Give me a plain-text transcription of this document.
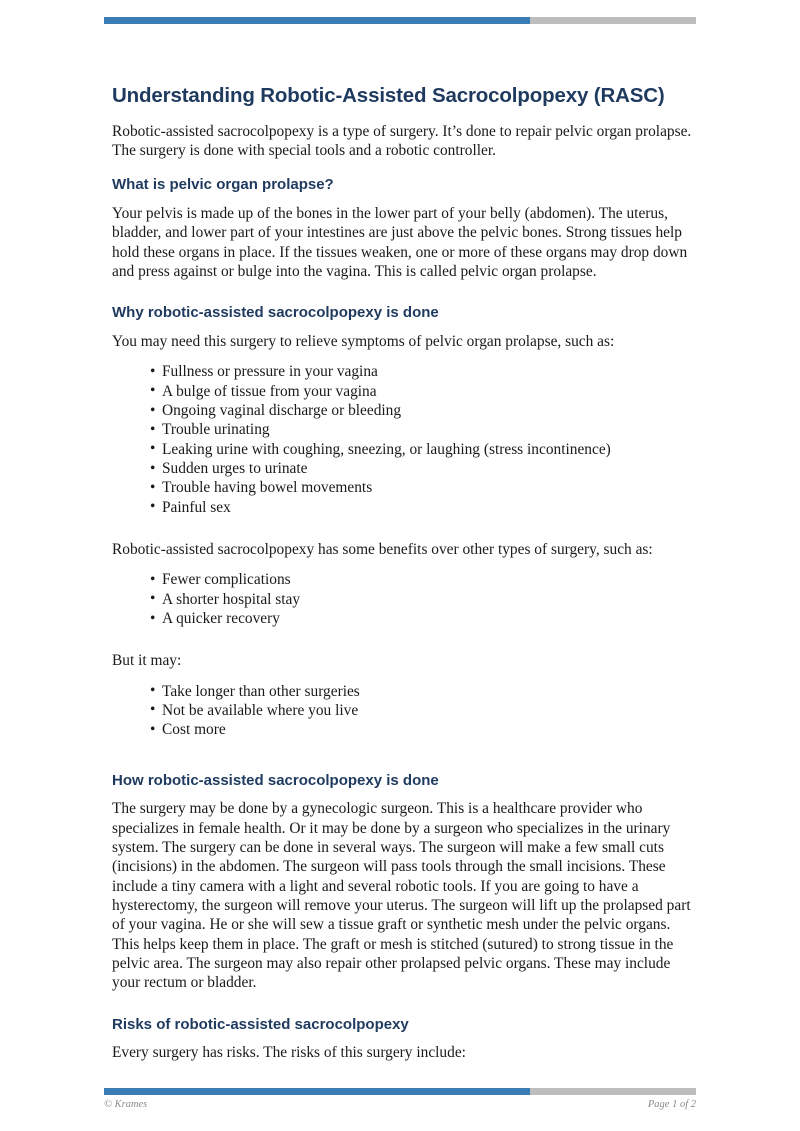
Understanding Robotic-Assisted Sacrocolpopexy (RASC)

Robotic-assisted sacrocolpopexy is a type of surgery. It’s done to repair pelvic organ prolapse. The surgery is done with special tools and a robotic controller.

What is pelvic organ prolapse?

Your pelvis is made up of the bones in the lower part of your belly (abdomen). The uterus, bladder, and lower part of your intestines are just above the pelvic bones. Strong tissues help hold these organs in place. If the tissues weaken, one or more of these organs may drop down and press against or bulge into the vagina. This is called pelvic organ prolapse.

Why robotic-assisted sacrocolpopexy is done

You may need this surgery to relieve symptoms of pelvic organ prolapse, such as:

• Fullness or pressure in your vagina
• A bulge of tissue from your vagina
• Ongoing vaginal discharge or bleeding
• Trouble urinating
• Leaking urine with coughing, sneezing, or laughing (stress incontinence)
• Sudden urges to urinate
• Trouble having bowel movements
• Painful sex

Robotic-assisted sacrocolpopexy has some benefits over other types of surgery, such as:

• Fewer complications
• A shorter hospital stay
• A quicker recovery

But it may:

• Take longer than other surgeries
• Not be available where you live
• Cost more
How robotic-assisted sacrocolpopexy is done

The surgery may be done by a gynecologic surgeon. This is a healthcare provider who specializes in female health. Or it may be done by a surgeon who specializes in the urinary system. The surgery can be done in several ways. The surgeon will make a few small cuts (incisions) in the abdomen. The surgeon will pass tools through the small incisions. These include a tiny camera with a light and several robotic tools. If you are going to have a hysterectomy, the surgeon will remove your uterus. The surgeon will lift up the prolapsed part of your vagina. He or she will sew a tissue graft or synthetic mesh under the pelvic organs. This helps keep them in place. The graft or mesh is stitched (sutured) to strong tissue in the pelvic area. The surgeon may also repair other prolapsed pelvic organs. These may include your rectum or bladder.

Risks of robotic-assisted sacrocolpopexy

Every surgery has risks. The risks of this surgery include:

© Krames	Page 1 of 2
